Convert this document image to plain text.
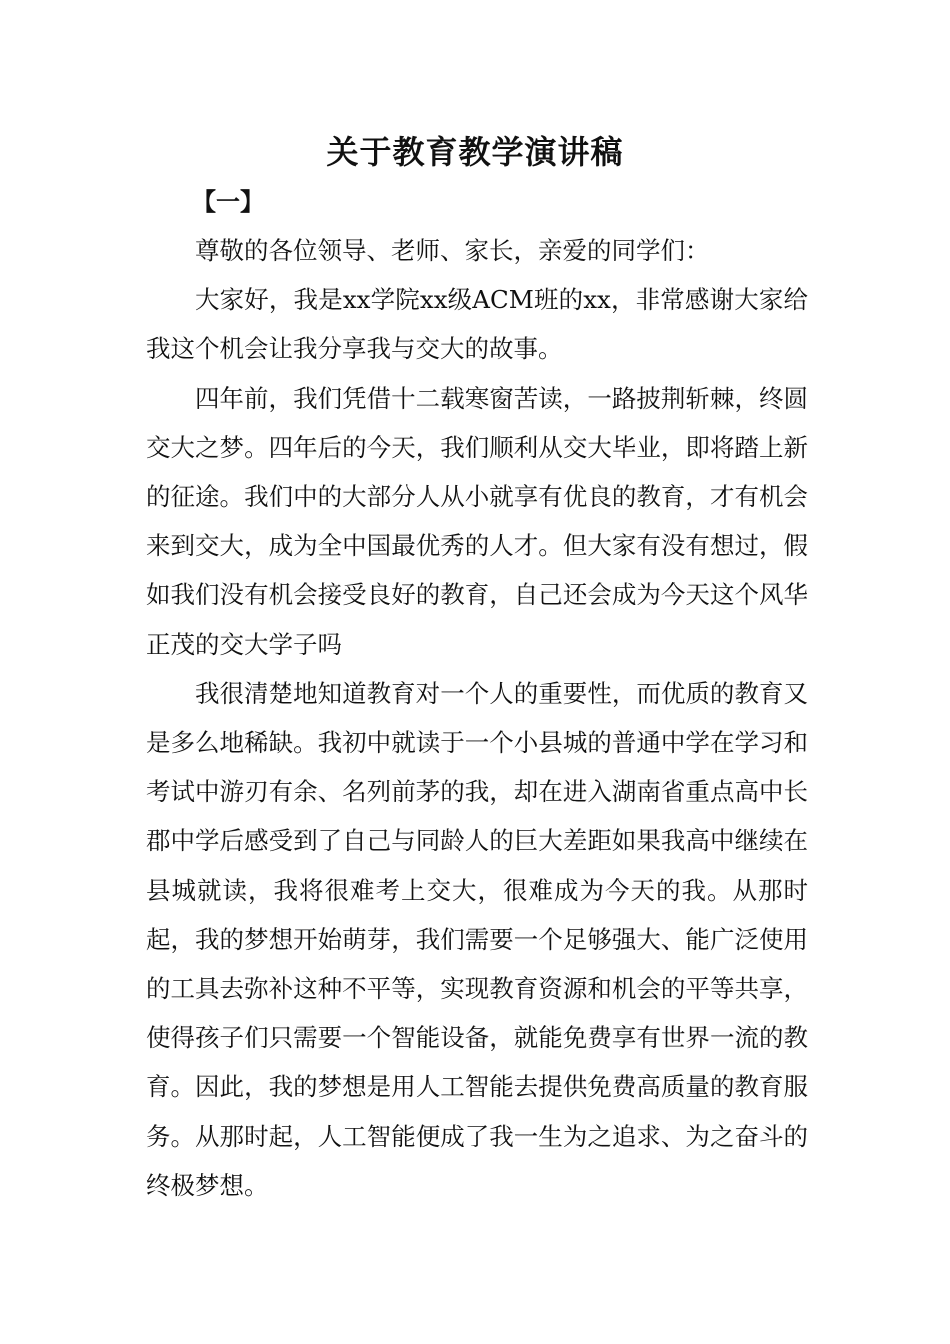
关于教育教学演讲稿
【一】

尊敬的各位领导、老师、家长，亲爱的同学们：

大家好，我是xx学院xx级ACM班的xx，非常感谢大家给我这个机会让我分享我与交大的故事。

四年前，我们凭借十二载寒窗苦读，一路披荆斩棘，终圆交大之梦。四年后的今天，我们顺利从交大毕业，即将踏上新的征途。我们中的大部分人从小就享有优良的教育，才有机会来到交大，成为全中国最优秀的人才。但大家有没有想过，假如我们没有机会接受良好的教育，自己还会成为今天这个风华正茂的交大学子吗

我很清楚地知道教育对一个人的重要性，而优质的教育又是多么地稀缺。我初中就读于一个小县城的普通中学在学习和考试中游刃有余、名列前茅的我，却在进入湖南省重点高中长郡中学后感受到了自己与同龄人的巨大差距如果我高中继续在县城就读，我将很难考上交大，很难成为今天的我。从那时起，我的梦想开始萌芽，我们需要一个足够强大、能广泛使用的工具去弥补这种不平等，实现教育资源和机会的平等共享，使得孩子们只需要一个智能设备，就能免费享有世界一流的教育。因此，我的梦想是用人工智能去提供免费高质量的教育服务。从那时起，人工智能便成了我一生为之追求、为之奋斗的终极梦想。
